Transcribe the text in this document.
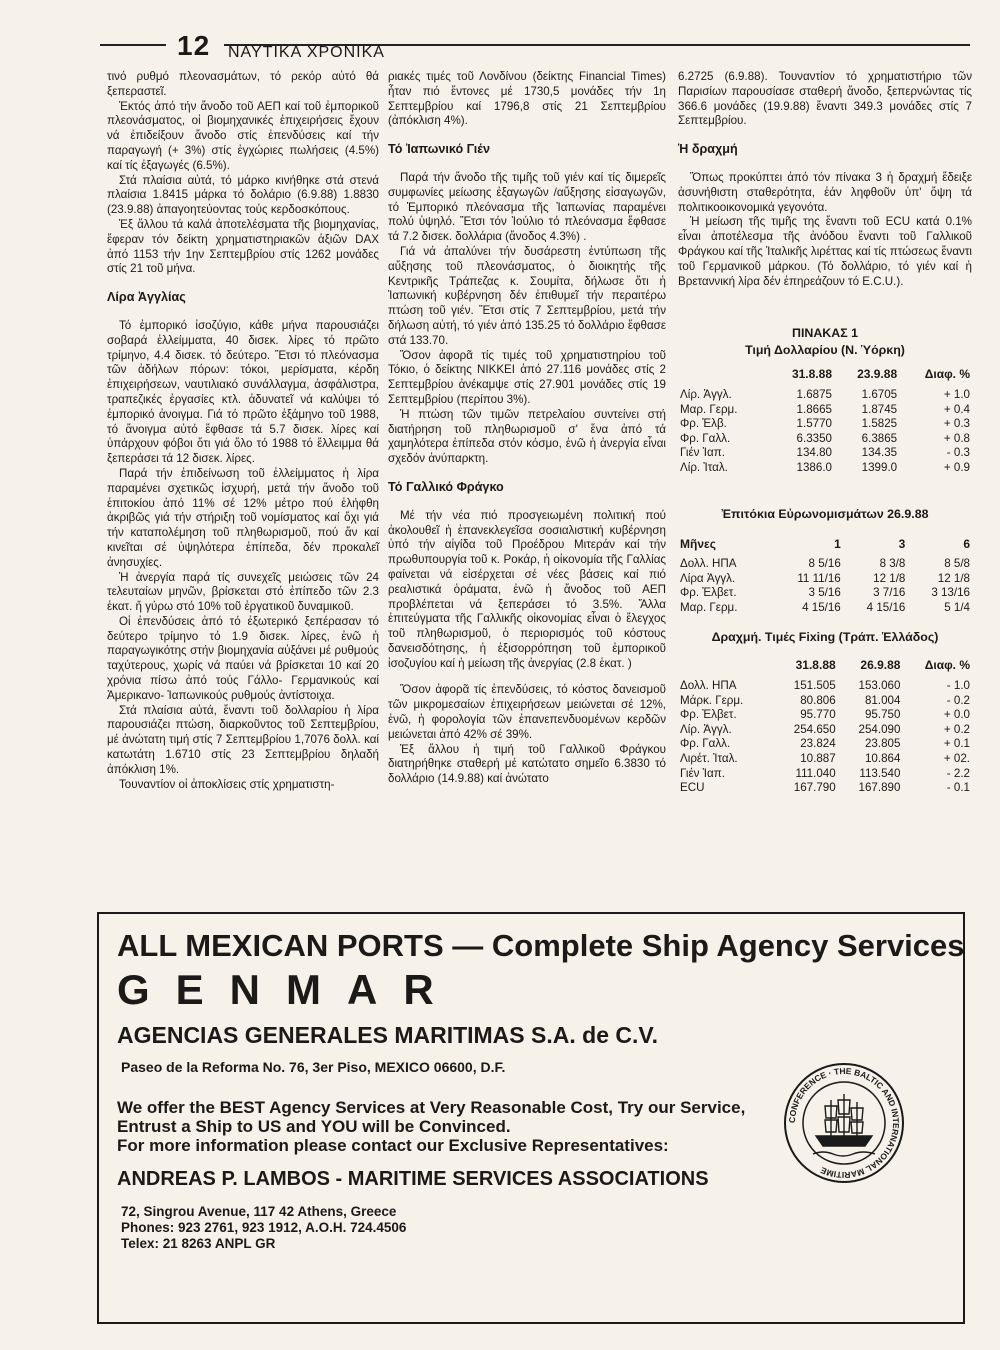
12 ΝΑΥΤΙΚΑ ΧΡΟΝΙΚΑ

τινό ρυθμό πλεονασμάτων, τό ρεκόρ αὐτό θά ξεπεραστεῖ.

Ἐκτός ἀπό τήν ἄνοδο τοῦ ΑΕΠ καί τοῦ ἐμπορικοῦ πλεονάσματος, οἱ βιομηχανικές ἐπιχειρήσεις ἔχουν νά ἐπιδείξουν ἄνοδο στίς ἐπενδύσεις καί τήν παραγωγή (+ 3%) στίς ἐγχώριες πωλήσεις (4.5%) καί τίς ἐξαγωγές (6.5%).

Στά πλαίσια αὐτά, τό μάρκο κινήθηκε στά στενά πλαίσια 1.8415 μάρκα τό δολάριο (6.9.88) 1.8830 (23.9.88) ἀπαγοητεύοντας τούς κερδοσκόπους.

Ἐξ ἄλλου τά καλά ἀποτελέσματα τῆς βιομηχανίας, ἔφεραν τόν δείκτη χρηματιστηριακῶν ἀξιῶν DAX ἀπό 1153 τήν 1ην Σεπτεμβρίου στίς 1262 μονάδες στίς 21 τοῦ μήνα.

Λίρα Ἀγγλίας

Τό ἐμπορικό ἰσοζύγιο, κάθε μήνα παρουσιάζει σοβαρά ἐλλείμματα, 40 δισεκ. λίρες τό πρῶτο τρίμηνο, 4.4 δισεκ. τό δεύτερο. Ἔτσι τό πλεόνασμα τῶν ἀδήλων πόρων: τόκοι, μερίσματα, κέρδη ἐπιχειρήσεων, ναυτιλιακό συνάλλαγμα, ἀσφάλιστρα, τραπεζικές ἐργασίες κτλ. ἀδυνατεῖ νά καλύψει τό ἐμπορικό ἀνοιγμα. Γιά τό πρῶτο ἑξάμηνο τοῦ 1988, τό ἄνοιγμα αὐτό ἔφθασε τά 5.7 δισεκ. λίρες καί ὑπάρχουν φόβοι ὅτι γιά ὅλο τό 1988 τό ἔλλειμμα θά ξεπεράσει τά 12 δισεκ. λίρες.

Παρά τήν ἐπιδείνωση τοῦ ἐλλείμματος ἡ λίρα παραμένει σχετικῶς ἰσχυρή, μετά τήν ἄνοδο τοῦ ἐπιτοκίου ἀπό 11% σέ 12% μέτρο πού ἐλήφθη ἀκριβῶς γιά τήν στήριξη τοῦ νομίσματος καί ὄχι γιά τήν καταπολέμηση τοῦ πληθωρισμοῦ, πού ἄν καί κινεῖται σέ ὑψηλότερα ἐπίπεδα, δέν προκαλεῖ ἀνησυχίες.

Ἡ ἀνεργία παρά τίς συνεχεῖς μειώσεις τῶν 24 τελευταίων μηνῶν, βρίσκεται στό ἐπίπεδο τῶν 2.3 ἑκατ. ἤ γύρω στό 10% τοῦ ἐργατικοῦ δυναμικοῦ.

Οἱ ἐπενδύσεις ἀπό τό ἐξωτερικό ξεπέρασαν τό δεύτερο τρίμηνο τό 1.9 δισεκ. λίρες, ἐνῶ ἡ παραγωγικότης στήν βιομηχανία αὐξάνει μέ ρυθμούς ταχύτερους, χωρίς νά παύει νά βρίσκεται 10 καί 20 χρόνια πίσω ἀπό τούς Γάλλο- Γερμανικούς καί Ἀμερικανο- Ἰαπωνικούς ρυθμούς ἀντίστοιχα.

Στά πλαίσια αὐτά, ἔναντι τοῦ δολλαρίου ἡ λίρα παρουσιάζει πτώση, διαρκοῦντος τοῦ Σεπτεμβρίου, μέ ἀνώτατη τιμή στίς 7 Σεπτεμβρίου 1,7076 δολλ. καί κατωτάτη 1.6710 στίς 23 Σεπτεμβρίου δηλαδή ἀπόκλιση 1%.

Τουναντίον οἱ ἀποκλίσεις στίς χρηματιστη-

ριακές τιμές τοῦ Λονδίνου (δείκτης Financial Times) ἦταν πιό ἔντονες μέ 1730,5 μονάδες τήν 1η Σεπτεμβρίου καί 1796,8 στίς 21 Σεπτεμβρίου (ἀπόκλιση 4%).

Τό Ἰαπωνικό Γιέν

Παρά τήν ἄνοδο τῆς τιμῆς τοῦ γιέν καί τίς διμερεῖς συμφωνίες μείωσης ἐξαγωγῶν /αὔξησης εἰσαγωγῶν, τό Ἐμπορικό πλεόνασμα τῆς Ἰαπωνίας παραμένει πολύ ὑψηλό. Ἔτσι τόν Ἰούλιο τό πλεόνασμα ἔφθασε τά 7.2 δισεκ. δολλάρια (ἄνοδος 4.3%) .

Γιά νά ἀπαλύνει τήν δυσάρεστη ἐντύπωση τῆς αὔξησης τοῦ πλεονάσματος, ὁ διοικητής τῆς Κεντρικῆς Τράπεζας κ. Σουμίτα, δήλωσε ὅτι ἡ Ἰαπωνική κυβέρνηση δέν ἐπιθυμεῖ τήν περαιτέρω πτώση τοῦ γιέν. Ἔτσι στίς 7 Σεπτεμβρίου, μετά τήν δήλωση αὐτή, τό γιέν ἀπό 135.25 τό δολλάριο ἔφθασε στά 133.70.

Ὅσον ἀφορᾶ τίς τιμές τοῦ χρηματιστηρίου τοῦ Τόκιο, ὁ δείκτης ΝΙΚΚΕΙ ἀπό 27.116 μονάδες στίς 2 Σεπτεμβρίου ἀνέκαμψε στίς 27.901 μονάδες στίς 19 Σεπτεμβρίου (περίπου 3%).

Ἡ πτώση τῶν τιμῶν πετρελαίου συντείνει στή διατήρηση τοῦ πληθωρισμοῦ σ' ἕνα ἀπό τά χαμηλότερα ἐπίπεδα στόν κόσμο, ἐνῶ ἡ ἀνεργία εἶναι σχεδόν ἀνύπαρκτη.

Τό Γαλλικό Φράγκο

Μέ τήν νέα πιό προσγειωμένη πολιτική πού ἀκολουθεῖ ἡ ἐπανεκλεγεῖσα σοσιαλιστική κυβέρνηση ὑπό τήν αἰγίδα τοῦ Προέδρου Μιτεράν καί τήν πρωθυπουργία τοῦ κ. Ροκάρ, ἡ οἰκονομία τῆς Γαλλίας φαίνεται νά εἰσέρχεται σέ νέες βάσεις καί πιό ρεαλιστικά ὁράματα, ἐνῶ ἡ ἄνοδος τοῦ ΑΕΠ προβλέπεται νά ξεπεράσει τό 3.5%. Ἄλλα ἐπιτεύγματα τῆς Γαλλικῆς οἰκονομίας εἶναι ὁ ἔλεγχος τοῦ πληθωρισμοῦ, ὁ περιορισμός τοῦ κόστους δανεισδότησης, ἡ ἐξισορρόπηση τοῦ ἐμπορικοῦ ἰσοζυγίου καί ἡ μείωση τῆς ἀνεργίας (2.8 ἑκατ. )

Ὅσον ἀφορᾶ τίς ἐπενδύσεις, τό κόστος δανεισμοῦ τῶν μικρομεσαίων ἐπιχειρήσεων μειώνεται σέ 12%, ἐνῶ, ἡ φορολογία τῶν ἐπανεπενδυομένων κερδῶν μειώνεται ἀπό 42% σέ 39%.

Ἐξ ἄλλου ἡ τιμή τοῦ Γαλλικοῦ Φράγκου διατηρήθηκε σταθερή μέ κατώτατο σημεῖο 6.3830 τό δολλάριο (14.9.88) καί ἀνώτατο

6.2725 (6.9.88). Τουναντίον τό χρηματιστήριο τῶν Παρισίων παρουσίασε σταθερή ἄνοδο, ξεπερνώντας τίς 366.6 μονάδες (19.9.88) ἔναντι 349.3 μονάδες στίς 7 Σεπτεμβρίου.

Ἡ δραχμή

Ὅπως προκύπτει ἀπό τόν πίνακα 3 ἡ δραχμή ἔδειξε ἀσυνήθιστη σταθερότητα, ἐάν ληφθοῦν ὑπ' ὄψη τά πολιτικοοικονομικά γεγονότα.

Ἡ μείωση τῆς τιμῆς της ἔναντι τοῦ ECU κατά 0.1% εἶναι ἀποτέλεσμα τῆς ἀνόδου ἔναντι τοῦ Γαλλικοῦ Φράγκου καί τῆς Ἰταλικῆς λιρέττας καί τίς πτώσεως ἔναντι τοῦ Γερμανικοῦ μάρκου. (Τό δολλάριο, τό γιέν καί ἡ Βρεταννική λίρα δέν ἐπηρεάζουν τό E.C.U.).

ΠΙΝΑΚΑΣ 1
Τιμή Δολλαρίου (Ν. Ὑόρκη)
	31.8.88	23.9.88	Διαφ. %
Λίρ. Ἀγγλ.	1.6875	1.6705	+ 1.0
Μαρ. Γερμ.	1.8665	1.8745	+ 0.4
Φρ. Ἐλβ.	1.5770	1.5825	+ 0.3
Φρ. Γαλλ.	6.3350	6.3865	+ 0.8
Γιέν Ἰαπ.	134.80	134.35	- 0.3
Λίρ. Ἰταλ.	1386.0	1399.0	+ 0.9
Ἐπιτόκια Εὐρωνομισμάτων 26.9.88
Μῆνες	1	3	6
Δολλ. ΗΠΑ	8 5/16	8 3/8	8 5/8
Λίρα Ἀγγλ.	11 11/16	12 1/8	12 1/8
Φρ. Ἐλβετ.	3 5/16	3 7/16	3 13/16
Μαρ. Γερμ.	4 15/16	4 15/16	5 1/4
Δραχμή. Τιμές Fixing (Τράπ. Ἑλλάδος)
	31.8.88	26.9.88	Διαφ. %
Δολλ. ΗΠΑ	151.505	153.060	- 1.0
Μάρκ. Γερμ.	80.806	81.004	- 0.2
Φρ. Ἐλβετ.	95.770	95.750	+ 0.0
Λίρ. Ἀγγλ.	254.650	254.090	+ 0.2
Φρ. Γαλλ.	23.824	23.805	+ 0.1
Λιρέτ. Ἰταλ.	10.887	10.864	+ 02.
Γιέν Ἰαπ.	111.040	113.540	- 2.2
ECU	167.790	167.890	- 0.1
ALL MEXICAN PORTS — Complete Ship Agency Services
GENMAR
AGENCIAS GENERALES MARITIMAS S.A. de C.V.
Paseo de la Reforma No. 76, 3er Piso, MEXICO 06600, D.F.
We offer the BEST Agency Services at Very Reasonable Cost, Try our Service,
Entrust a Ship to US and YOU will be Convinced.
For more information please contact our Exclusive Representatives:
ANDREAS P. LAMBOS - MARITIME SERVICES ASSOCIATIONS
72, Singrou Avenue, 117 42 Athens, Greece
Phones: 923 2761, 923 1912, A.O.H. 724.4506
Telex: 21 8263 ANPL GR
CONFERENCE · THE BALTIC AND INTERNATIONAL MARITIME
